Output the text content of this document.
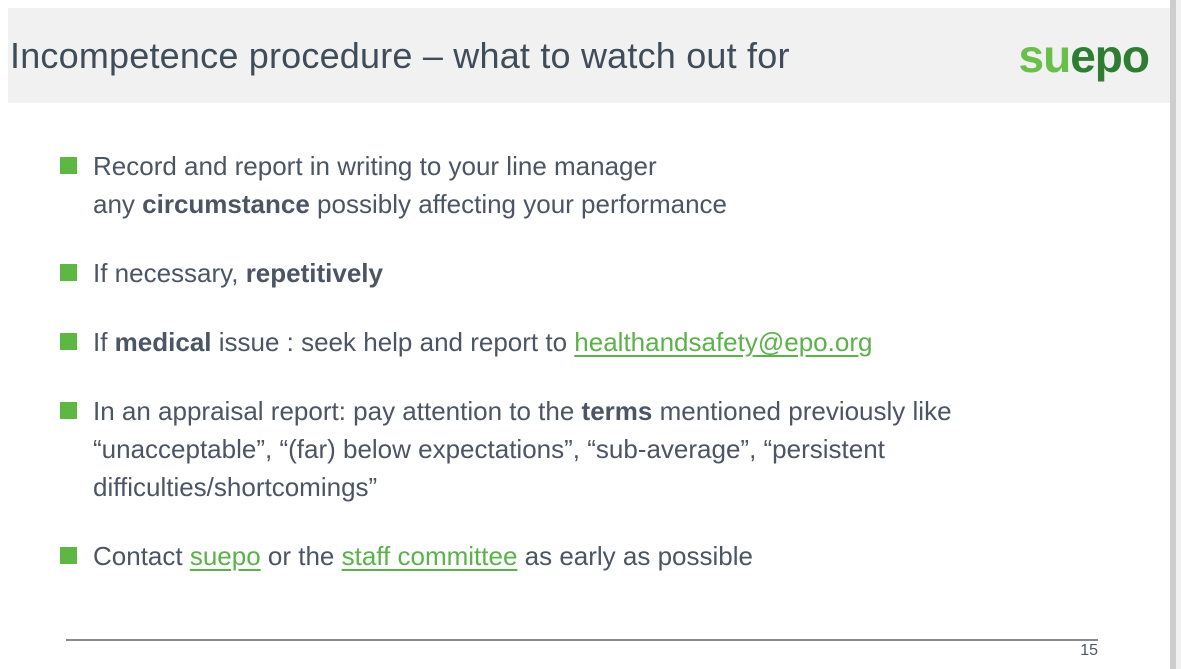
Incompetence procedure – what to watch out for	suepo
Record and report in writing to your line manager
any circumstance possibly affecting your performance
If necessary, repetitively
If medical issue : seek help and report to healthandsafety@epo.org
In an appraisal report: pay attention to the terms mentioned previously like
“unacceptable”, “(far) below expectations”, “sub-average”, “persistent
difficulties/shortcomings”
Contact suepo or the staff committee as early as possible
15
